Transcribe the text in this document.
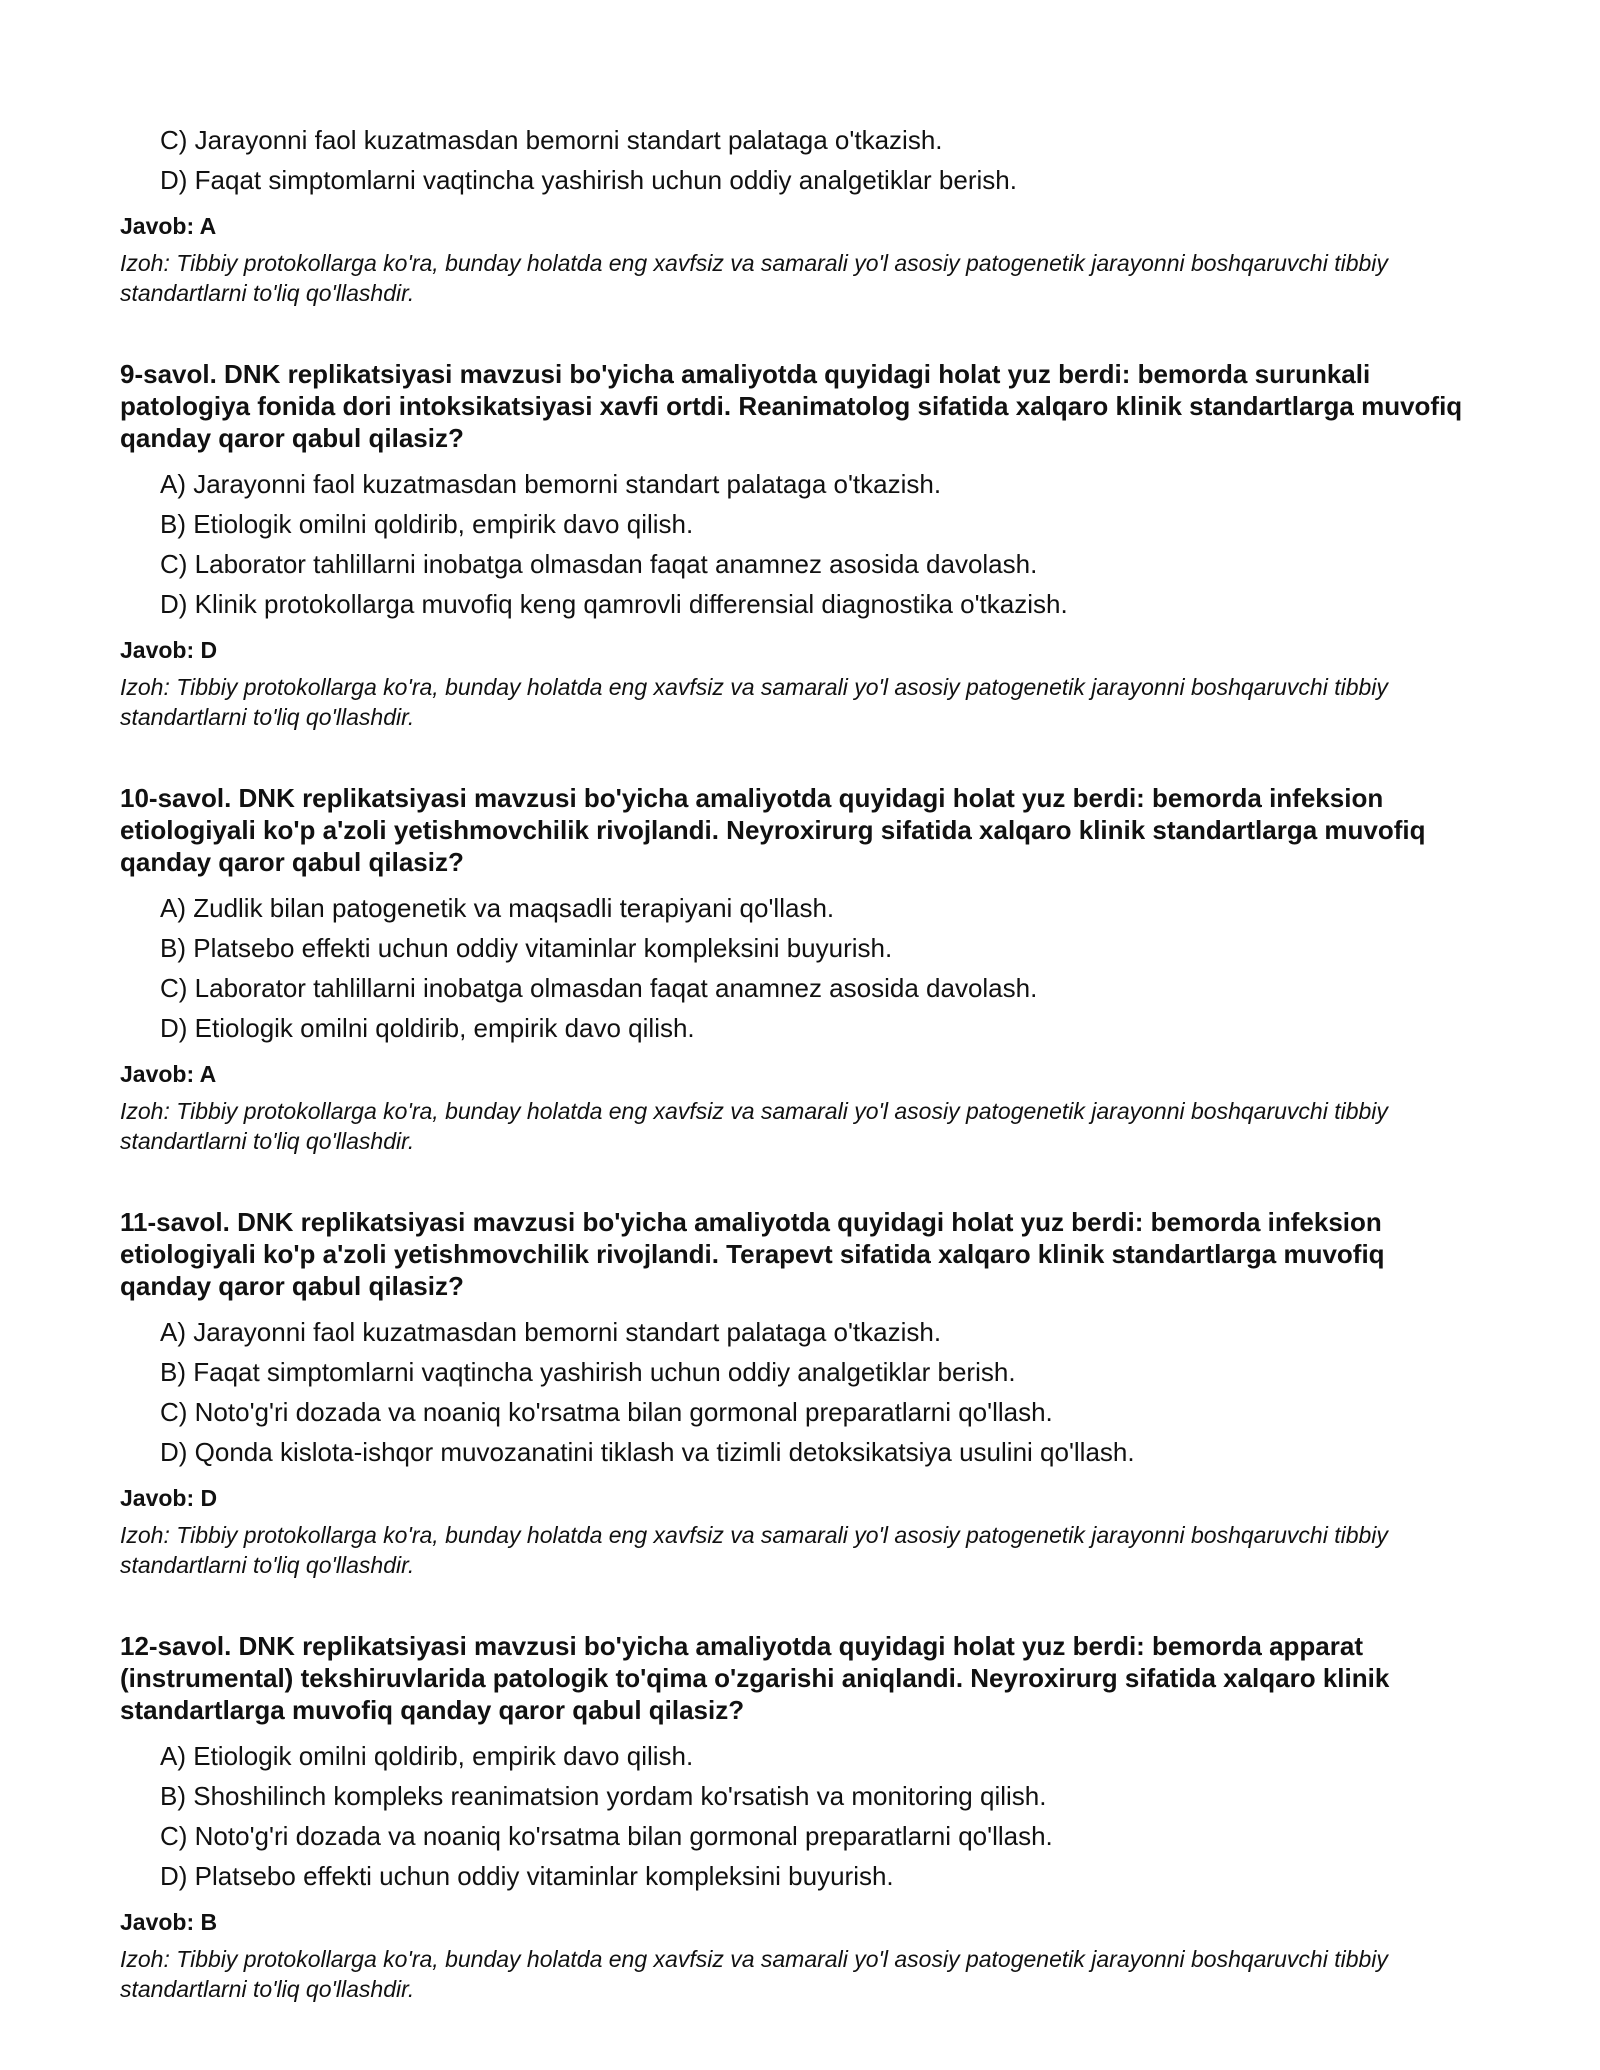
C) Jarayonni faol kuzatmasdan bemorni standart palataga o'tkazish.
D) Faqat simptomlarni vaqtincha yashirish uchun oddiy analgetiklar berish.
Javob: A
Izoh: Tibbiy protokollarga ko'ra, bunday holatda eng xavfsiz va samarali yo'l asosiy patogenetik jarayonni boshqaruvchi tibbiy standartlarni to'liq qo'llashdir.
9-savol. DNK replikatsiyasi mavzusi bo'yicha amaliyotda quyidagi holat yuz berdi: bemorda surunkali patologiya fonida dori intoksikatsiyasi xavfi ortdi. Reanimatolog sifatida xalqaro klinik standartlarga muvofiq qanday qaror qabul qilasiz?
A) Jarayonni faol kuzatmasdan bemorni standart palataga o'tkazish.
B) Etiologik omilni qoldirib, empirik davo qilish.
C) Laborator tahlillarni inobatga olmasdan faqat anamnez asosida davolash.
D) Klinik protokollarga muvofiq keng qamrovli differensial diagnostika o'tkazish.
Javob: D
Izoh: Tibbiy protokollarga ko'ra, bunday holatda eng xavfsiz va samarali yo'l asosiy patogenetik jarayonni boshqaruvchi tibbiy standartlarni to'liq qo'llashdir.
10-savol. DNK replikatsiyasi mavzusi bo'yicha amaliyotda quyidagi holat yuz berdi: bemorda infeksion etiologiyali ko'p a'zoli yetishmovchilik rivojlandi. Neyroxirurg sifatida xalqaro klinik standartlarga muvofiq qanday qaror qabul qilasiz?
A) Zudlik bilan patogenetik va maqsadli terapiyani qo'llash.
B) Platsebo effekti uchun oddiy vitaminlar kompleksini buyurish.
C) Laborator tahlillarni inobatga olmasdan faqat anamnez asosida davolash.
D) Etiologik omilni qoldirib, empirik davo qilish.
Javob: A
Izoh: Tibbiy protokollarga ko'ra, bunday holatda eng xavfsiz va samarali yo'l asosiy patogenetik jarayonni boshqaruvchi tibbiy standartlarni to'liq qo'llashdir.
11-savol. DNK replikatsiyasi mavzusi bo'yicha amaliyotda quyidagi holat yuz berdi: bemorda infeksion etiologiyali ko'p a'zoli yetishmovchilik rivojlandi. Terapevt sifatida xalqaro klinik standartlarga muvofiq qanday qaror qabul qilasiz?
A) Jarayonni faol kuzatmasdan bemorni standart palataga o'tkazish.
B) Faqat simptomlarni vaqtincha yashirish uchun oddiy analgetiklar berish.
C) Noto'g'ri dozada va noaniq ko'rsatma bilan gormonal preparatlarni qo'llash.
D) Qonda kislota-ishqor muvozanatini tiklash va tizimli detoksikatsiya usulini qo'llash.
Javob: D
Izoh: Tibbiy protokollarga ko'ra, bunday holatda eng xavfsiz va samarali yo'l asosiy patogenetik jarayonni boshqaruvchi tibbiy standartlarni to'liq qo'llashdir.
12-savol. DNK replikatsiyasi mavzusi bo'yicha amaliyotda quyidagi holat yuz berdi: bemorda apparat (instrumental) tekshiruvlarida patologik to'qima o'zgarishi aniqlandi. Neyroxirurg sifatida xalqaro klinik standartlarga muvofiq qanday qaror qabul qilasiz?
A) Etiologik omilni qoldirib, empirik davo qilish.
B) Shoshilinch kompleks reanimatsion yordam ko'rsatish va monitoring qilish.
C) Noto'g'ri dozada va noaniq ko'rsatma bilan gormonal preparatlarni qo'llash.
D) Platsebo effekti uchun oddiy vitaminlar kompleksini buyurish.
Javob: B
Izoh: Tibbiy protokollarga ko'ra, bunday holatda eng xavfsiz va samarali yo'l asosiy patogenetik jarayonni boshqaruvchi tibbiy standartlarni to'liq qo'llashdir.
